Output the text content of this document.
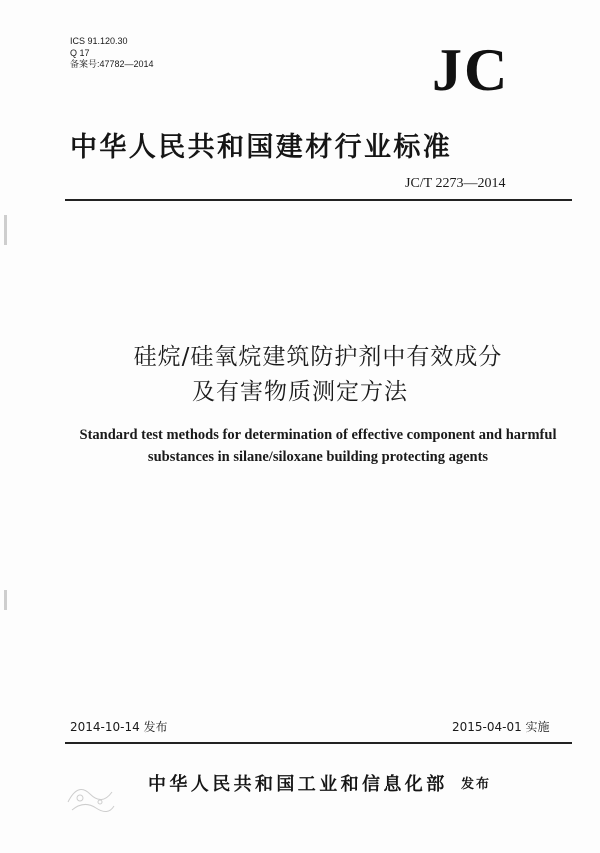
ICS 91.120.30
Q 17
备案号:47782—2014	JC
中华人民共和国建材行业标准
JC/T 2273—2014
硅烷/硅氧烷建筑防护剂中有效成分
及有害物质测定方法
Standard test methods for determination of effective component and harmful
substances in silane/siloxane building protecting agents
2014-10-14 发布	2015-04-01 实施
中华人民共和国工业和信息化部 发布
